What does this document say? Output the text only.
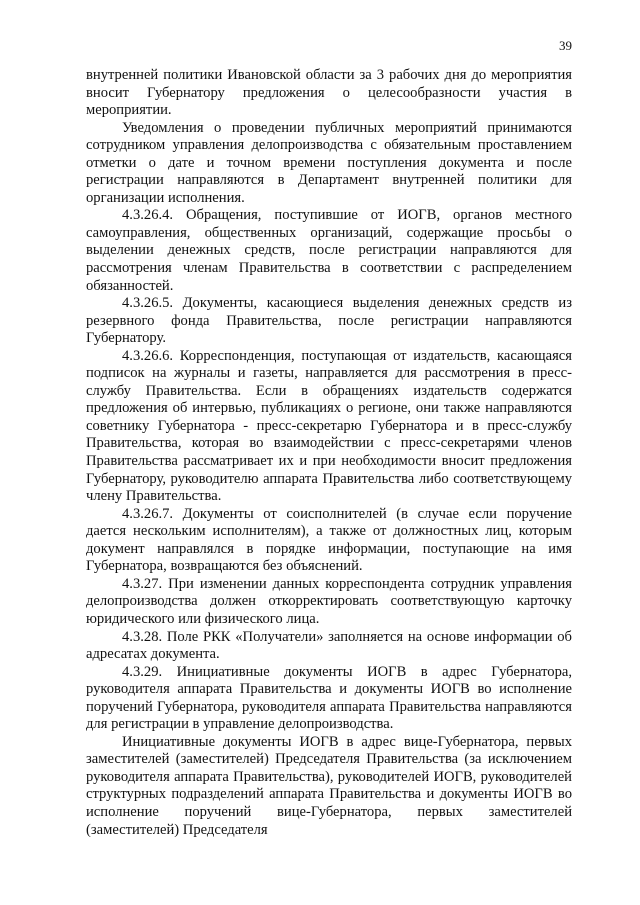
39

внутренней политики Ивановской области за 3 рабочих дня до мероприятия вносит Губернатору предложения о целесообразности участия в мероприятии.

Уведомления о проведении публичных мероприятий принимаются сотрудником управления делопроизводства с обязательным проставлением отметки о дате и точном времени поступления документа и после регистрации направляются в Департамент внутренней политики для организации исполнения.

4.3.26.4. Обращения, поступившие от ИОГВ, органов местного самоуправления, общественных организаций, содержащие просьбы о выделении денежных средств, после регистрации направляются для рассмотрения членам Правительства в соответствии с распределением обязанностей.

4.3.26.5. Документы, касающиеся выделения денежных средств из резервного фонда Правительства, после регистрации направляются Губернатору.

4.3.26.6. Корреспонденция, поступающая от издательств, касающаяся подписок на журналы и газеты, направляется для рассмотрения в пресс-службу Правительства. Если в обращениях издательств содержатся предложения об интервью, публикациях о регионе, они также направляются советнику Губернатора - пресс-секретарю Губернатора и в пресс-службу Правительства, которая во взаимодействии с пресс-секретарями членов Правительства рассматривает их и при необходимости вносит предложения Губернатору, руководителю аппарата Правительства либо соответствующему члену Правительства.

4.3.26.7. Документы от соисполнителей (в случае если поручение дается нескольким исполнителям), а также от должностных лиц, которым документ направлялся в порядке информации, поступающие на имя Губернатора, возвращаются без объяснений.

4.3.27. При изменении данных корреспондента сотрудник управления делопроизводства должен откорректировать соответствующую карточку юридического или физического лица.

4.3.28. Поле РКК «Получатели» заполняется на основе информации об адресатах документа.

4.3.29. Инициативные документы ИОГВ в адрес Губернатора, руководителя аппарата Правительства и документы ИОГВ во исполнение поручений Губернатора, руководителя аппарата Правительства направляются для регистрации в управление делопроизводства.

Инициативные документы ИОГВ в адрес вице-Губернатора, первых заместителей (заместителей) Председателя Правительства (за исключением руководителя аппарата Правительства), руководителей ИОГВ, руководителей структурных подразделений аппарата Правительства и документы ИОГВ во исполнение поручений вице-Губернатора, первых заместителей (заместителей) Председателя
